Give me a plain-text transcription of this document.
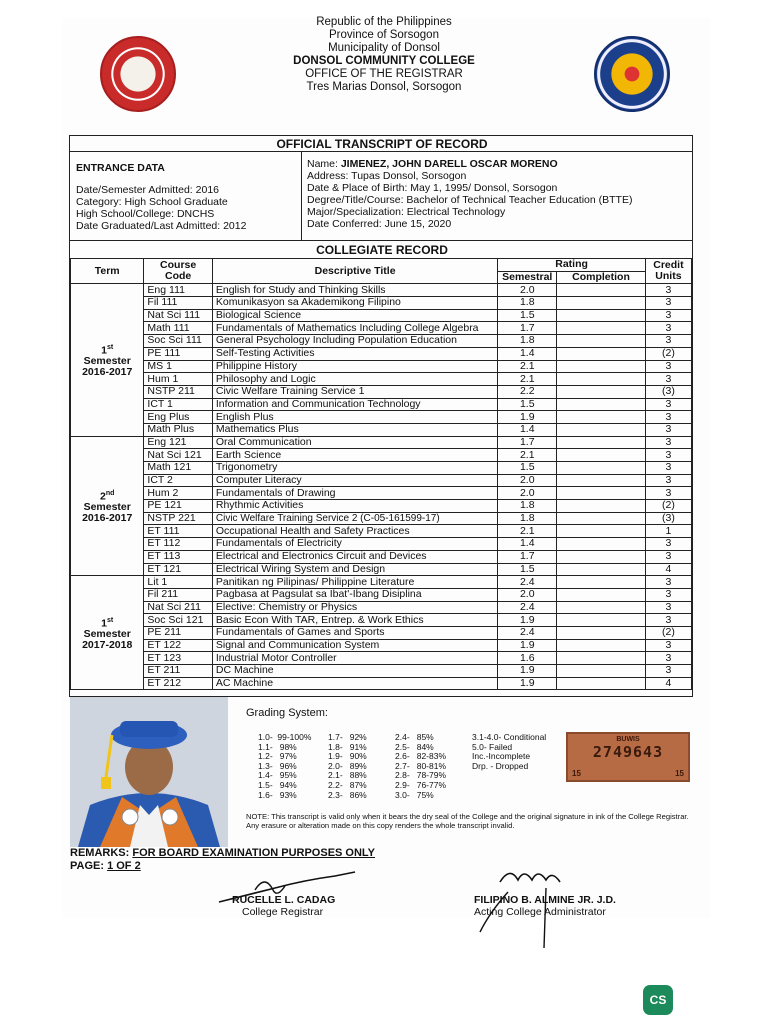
Republic of the Philippines
Province of Sorsogon
Municipality of Donsol
DONSOL COMMUNITY COLLEGE
OFFICE OF THE REGISTRAR
Tres Marias Donsol, Sorsogon
OFFICIAL TRANSCRIPT OF RECORD
ENTRANCE DATA
Date/Semester Admitted: 2016
Category: High School Graduate
High School/College: DNCHS
Date Graduated/Last Admitted: 2012
Name: JIMENEZ, JOHN DARELL OSCAR MORENO
Address: Tupas Donsol, Sorsogon
Date & Place of Birth: May 1, 1995/ Donsol, Sorsogon
Degree/Title/Course: Bachelor of Technical Teacher Education (BTTE)
Major/Specialization: Electrical Technology
Date Conferred: June 15, 2020
COLLEGIATE RECORD
Term	Course Code	Descriptive Title	Rating		Credit Units
			Semestral	Completion	
1st
Semester
2016-2017	Eng 111	English for Study and Thinking Skills	2.0		3
	Fil 111	Komunikasyon sa Akademikong Filipino	1.8		3
	Nat Sci 111	Biological Science	1.5		3
	Math 111	Fundamentals of Mathematics Including College Algebra	1.7		3
	Soc Sci 111	General Psychology Including Population Education	1.8		3
	PE 111	Self-Testing Activities	1.4		(2)
	MS 1	Philippine History	2.1		3
	Hum 1	Philosophy and Logic	2.1		3
	NSTP 211	Civic Welfare Training Service 1	2.2		(3)
	ICT 1	Information and Communication Technology	1.5		3
	Eng Plus	English Plus	1.9		3
	Math Plus	Mathematics Plus	1.4		3
2nd
Semester
2016-2017	Eng 121	Oral Communication	1.7		3
	Nat Sci 121	Earth Science	2.1		3
	Math 121	Trigonometry	1.5		3
	ICT 2	Computer Literacy	2.0		3
	Hum 2	Fundamentals of Drawing	2.0		3
	PE 121	Rhythmic Activities	1.8		(2)
	NSTP 221	Civic Welfare Training Service 2 (C-05-161599-17)	1.8		(3)
	ET 111	Occupational Health and Safety Practices	2.1		1
	ET 112	Fundamentals of Electricity	1.4		3
	ET 113	Electrical and Electronics Circuit and Devices	1.7		3
	ET 121	Electrical Wiring System and Design	1.5		4
1st
Semester
2017-2018	Lit 1	Panitikan ng Pilipinas/ Philippine Literature	2.4		3
	Fil 211	Pagbasa at Pagsulat sa Ibat'-Ibang Disiplina	2.0		3
	Nat Sci 211	Elective: Chemistry or Physics	2.4		3
	Soc Sci 121	Basic Econ With TAR, Entrep. & Work Ethics	1.9		3
	PE 211	Fundamentals of Games and Sports	2.4		(2)
	ET 122	Signal and Communication System	1.9		3
	ET 123	Industrial Motor Controller	1.6		3
	ET 211	DC Machine	1.9		3
	ET 212	AC Machine	1.9		4
Grading System:
1.0-  99-100%
1.1-   98%
1.2-   97%
1.3-   96%
1.4-   95%
1.5-   94%
1.6-   93%
1.7-   92%
1.8-   91%
1.9-   90%
2.0-   89%
2.1-   88%
2.2-   87%
2.3-   86%
2.4-   85%
2.5-   84%
2.6-   82-83%
2.7-   80-81%
2.8-   78-79%
2.9-   76-77%
3.0-   75%
3.1-4.0- Conditional
5.0- Failed
Inc.-Incomplete
Drp. - Dropped
BUWIS
2749643
15	15
NOTE: This transcript is valid only when it bears the dry seal of the College and the original signature in ink of the College Registrar. Any erasure or alteration made on this copy renders the whole transcript invalid.
REMARKS: FOR BOARD EXAMINATION PURPOSES ONLY
PAGE: 1 OF 2
RUCELLE L. CADAG
College Registrar
FILIPINO B. ALMINE JR. J.D.
Acting College Administrator
CS
